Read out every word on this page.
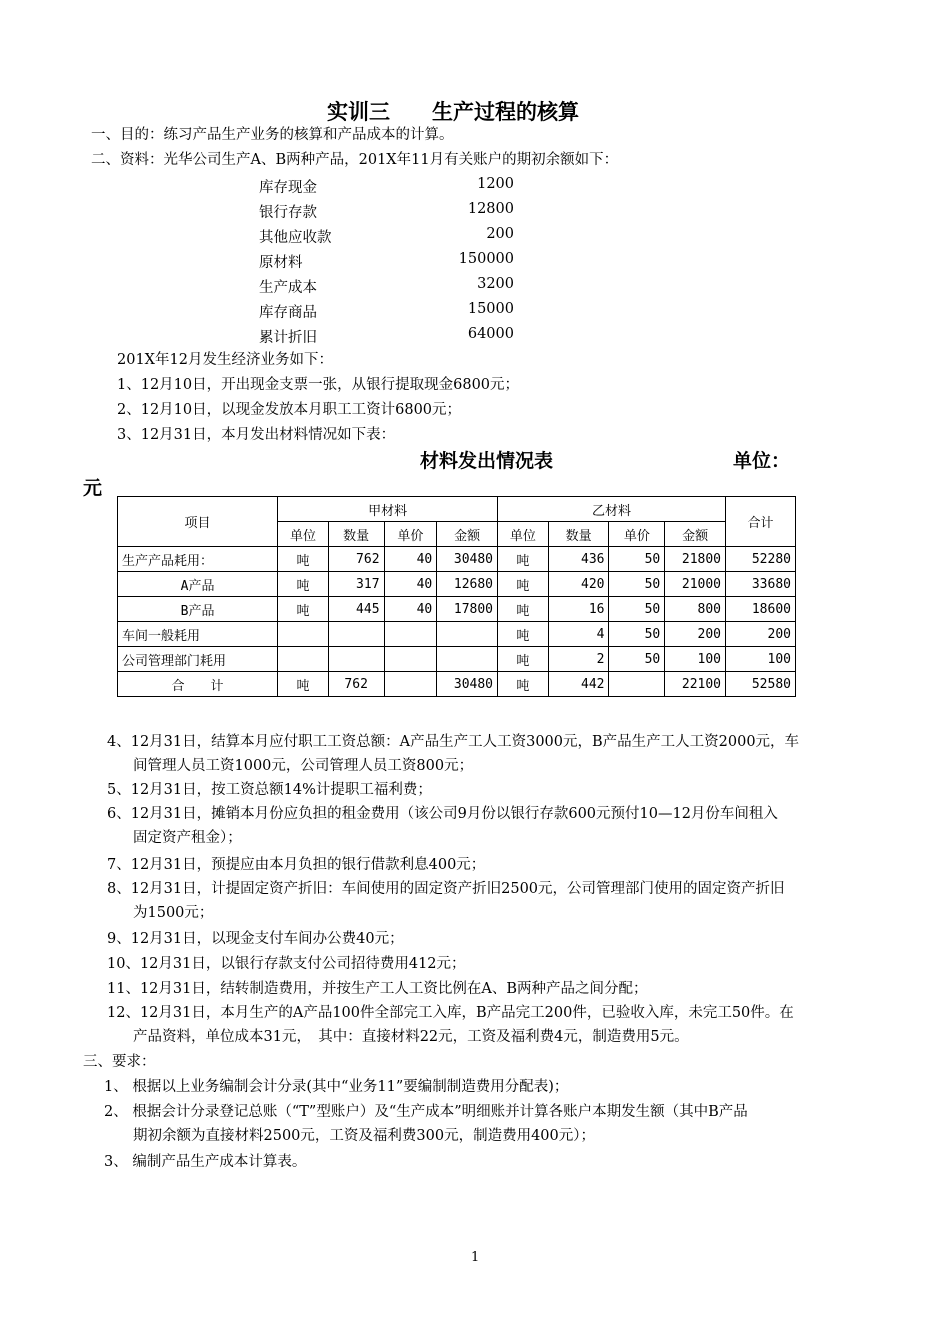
实训三　　生产过程的核算
一、目的：练习产品生产业务的核算和产品成本的计算。
二、资料：光华公司生产A、B两种产品，201X年11月有关账户的期初余额如下：
库存现金	1200
银行存款	12800
其他应收款	200
原材料	150000
生产成本	3200
库存商品	15000
累计折旧	64000
201X年12月发生经济业务如下：
1、12月10日，开出现金支票一张，从银行提取现金6800元；
2、12月10日，以现金发放本月职工工资计6800元；
3、12月31日，本月发出材料情况如下表：
材料发出情况表	单位：
元
项目	甲材料				乙材料				合计
	单位	数量	单价	金额	单位	数量	单价	金额	
生产产品耗用：	吨	762	40	30480	吨	436	50	21800	52280
A产品	吨	317	40	12680	吨	420	50	21000	33680
B产品	吨	445	40	17800	吨	16	50	800	18600
车间一般耗用					吨	4	50	200	200
公司管理部门耗用					吨	2	50	100	100
合　　计	吨	762		30480	吨	442		22100	52580
4、12月31日，结算本月应付职工工资总额：A产品生产工人工资3000元，B产品生产工人工资2000元，车
间管理人员工资1000元，公司管理人员工资800元；
5、12月31日，按工资总额14%计提职工福利费；
6、12月31日，摊销本月份应负担的租金费用（该公司9月份以银行存款600元预付10—12月份车间租入
固定资产租金）；
7、12月31日，预提应由本月负担的银行借款利息400元；
8、12月31日，计提固定资产折旧：车间使用的固定资产折旧2500元，公司管理部门使用的固定资产折旧
为1500元；
9、12月31日，以现金支付车间办公费40元；
10、12月31日，以银行存款支付公司招待费用412元；
11、12月31日，结转制造费用，并按生产工人工资比例在A、B两种产品之间分配；
12、12月31日，本月生产的A产品100件全部完工入库，B产品完工200件，已验收入库，未完工50件。在
产品资料，单位成本31元，　其中：直接材料22元，工资及福利费4元，制造费用5元。
三、要求：
1、 根据以上业务编制会计分录(其中“业务11”要编制制造费用分配表)；
2、 根据会计分录登记总账（“T”型账户）及“生产成本”明细账并计算各账户本期发生额（其中B产品
期初余额为直接材料2500元，工资及福利费300元，制造费用400元）；
3、 编制产品生产成本计算表。
1
